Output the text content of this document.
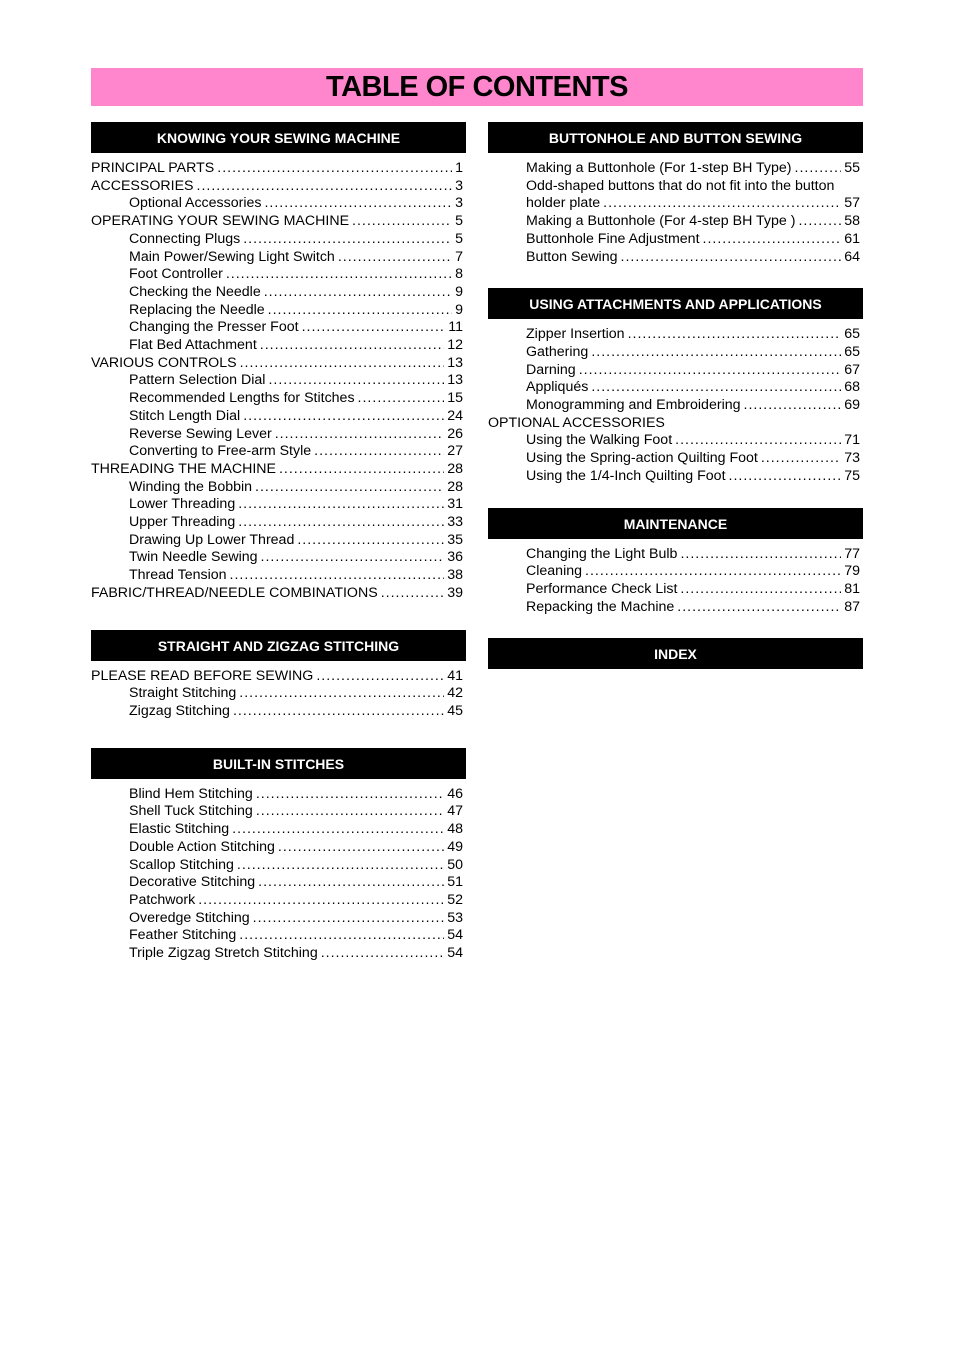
TABLE OF CONTENTS
KNOWING YOUR SEWING MACHINE
PRINCIPAL PARTS .....	1
ACCESSORIES .....	3
Optional Accessories .....	3
OPERATING YOUR SEWING MACHINE .....	5
Connecting Plugs .....	5
Main Power/Sewing Light Switch .....	7
Foot Controller .....	8
Checking the Needle .....	9
Replacing the Needle .....	9
Changing the Presser Foot .....	11
Flat Bed Attachment .....	12
VARIOUS CONTROLS .....	13
Pattern Selection Dial .....	13
Recommended Lengths for Stitches .....	15
Stitch Length Dial .....	24
Reverse Sewing Lever .....	26
Converting to Free-arm Style .....	27
THREADING THE MACHINE .....	28
Winding the Bobbin .....	28
Lower Threading .....	31
Upper Threading .....	33
Drawing Up Lower Thread .....	35
Twin Needle Sewing .....	36
Thread Tension .....	38
FABRIC/THREAD/NEEDLE COMBINATIONS .....	39
STRAIGHT AND ZIGZAG STITCHING
PLEASE READ BEFORE SEWING .....	41
Straight Stitching .....	42
Zigzag Stitching .....	45
BUILT-IN STITCHES
Blind Hem Stitching .....	46
Shell Tuck Stitching .....	47
Elastic Stitching .....	48
Double Action Stitching .....	49
Scallop Stitching .....	50
Decorative Stitching .....	51
Patchwork .....	52
Overedge Stitching .....	53
Feather Stitching .....	54
Triple Zigzag Stretch Stitching .....	54
BUTTONHOLE AND BUTTON SEWING
Making a Buttonhole (For 1-step BH Type) .....	55
Odd-shaped buttons that do not fit into the button
holder plate .....	57
Making a Buttonhole (For 4-step BH Type ) .....	58
Buttonhole Fine Adjustment .....	61
Button Sewing .....	64
USING ATTACHMENTS AND APPLICATIONS
Zipper Insertion .....	65
Gathering .....	65
Darning .....	67
Appliqués .....	68
Monogramming and Embroidering .....	69
OPTIONAL ACCESSORIES
Using the Walking Foot .....	71
Using the Spring-action Quilting Foot .....	73
Using the 1/4-Inch Quilting Foot .....	75
MAINTENANCE
Changing the Light Bulb .....	77
Cleaning .....	79
Performance Check List .....	81
Repacking the Machine .....	87
INDEX
